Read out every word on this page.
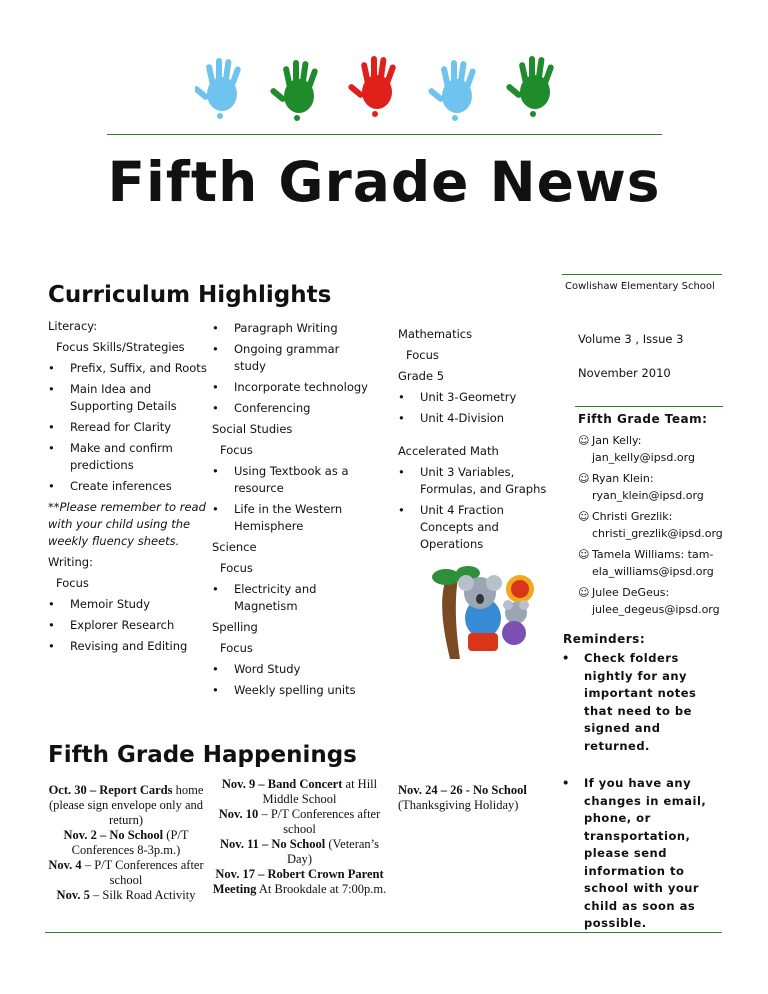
Fifth Grade News
Cowlishaw Elementary School
Volume 3 , Issue 3
November 2010
Fifth Grade Team:
☺ Jan Kelly:
jan_kelly@ipsd.org
☺ Ryan Klein:
ryan_klein@ipsd.org
☺ Christi Grezlik:
christi_grezlik@ipsd.org
☺ Tamela Williams: tam-
ela_williams@ipsd.org
☺ Julee DeGeus:
julee_degeus@ipsd.org
Reminders:
• Check folders nightly for any important notes that need to be signed and returned.
• If you have any changes in email, phone, or transportation, please send information to school with your child as soon as possible.
Curriculum Highlights
Literacy:
Focus Skills/Strategies
• Prefix, Suffix, and Roots
• Main Idea and Supporting Details
• Reread for Clarity
• Make and confirm predictions
• Create inferences
**Please remember to read with your child using the weekly fluency sheets.
Writing:
Focus
• Memoir Study
• Explorer Research
• Revising and Editing
• Paragraph Writing
• Ongoing grammar study
• Incorporate technology
• Conferencing
Social Studies
Focus
• Using Textbook as a resource
• Life in the Western Hemisphere
Science
Focus
• Electricity and Magnetism
Spelling
Focus
• Word Study
• Weekly spelling units
Mathematics
Focus
Grade 5
• Unit 3-Geometry
• Unit 4-Division
Accelerated Math
• Unit 3 Variables, Formulas, and Graphs
• Unit 4 Fraction Concepts and Operations
Fifth Grade Happenings
Oct. 30 – Report Cards home (please sign envelope only and return)
Nov. 2 – No School (P/T Conferences 8-3p.m.)
Nov. 4 – P/T Conferences after school
Nov. 5 – Silk Road Activity
Nov. 9 – Band Concert at Hill Middle School
Nov. 10 – P/T Conferences after school
Nov. 11 – No School (Veteran’s Day)
Nov. 17 – Robert Crown Parent Meeting At Brookdale at 7:00p.m.
Nov. 24 – 26 - No School (Thanksgiving Holiday)
